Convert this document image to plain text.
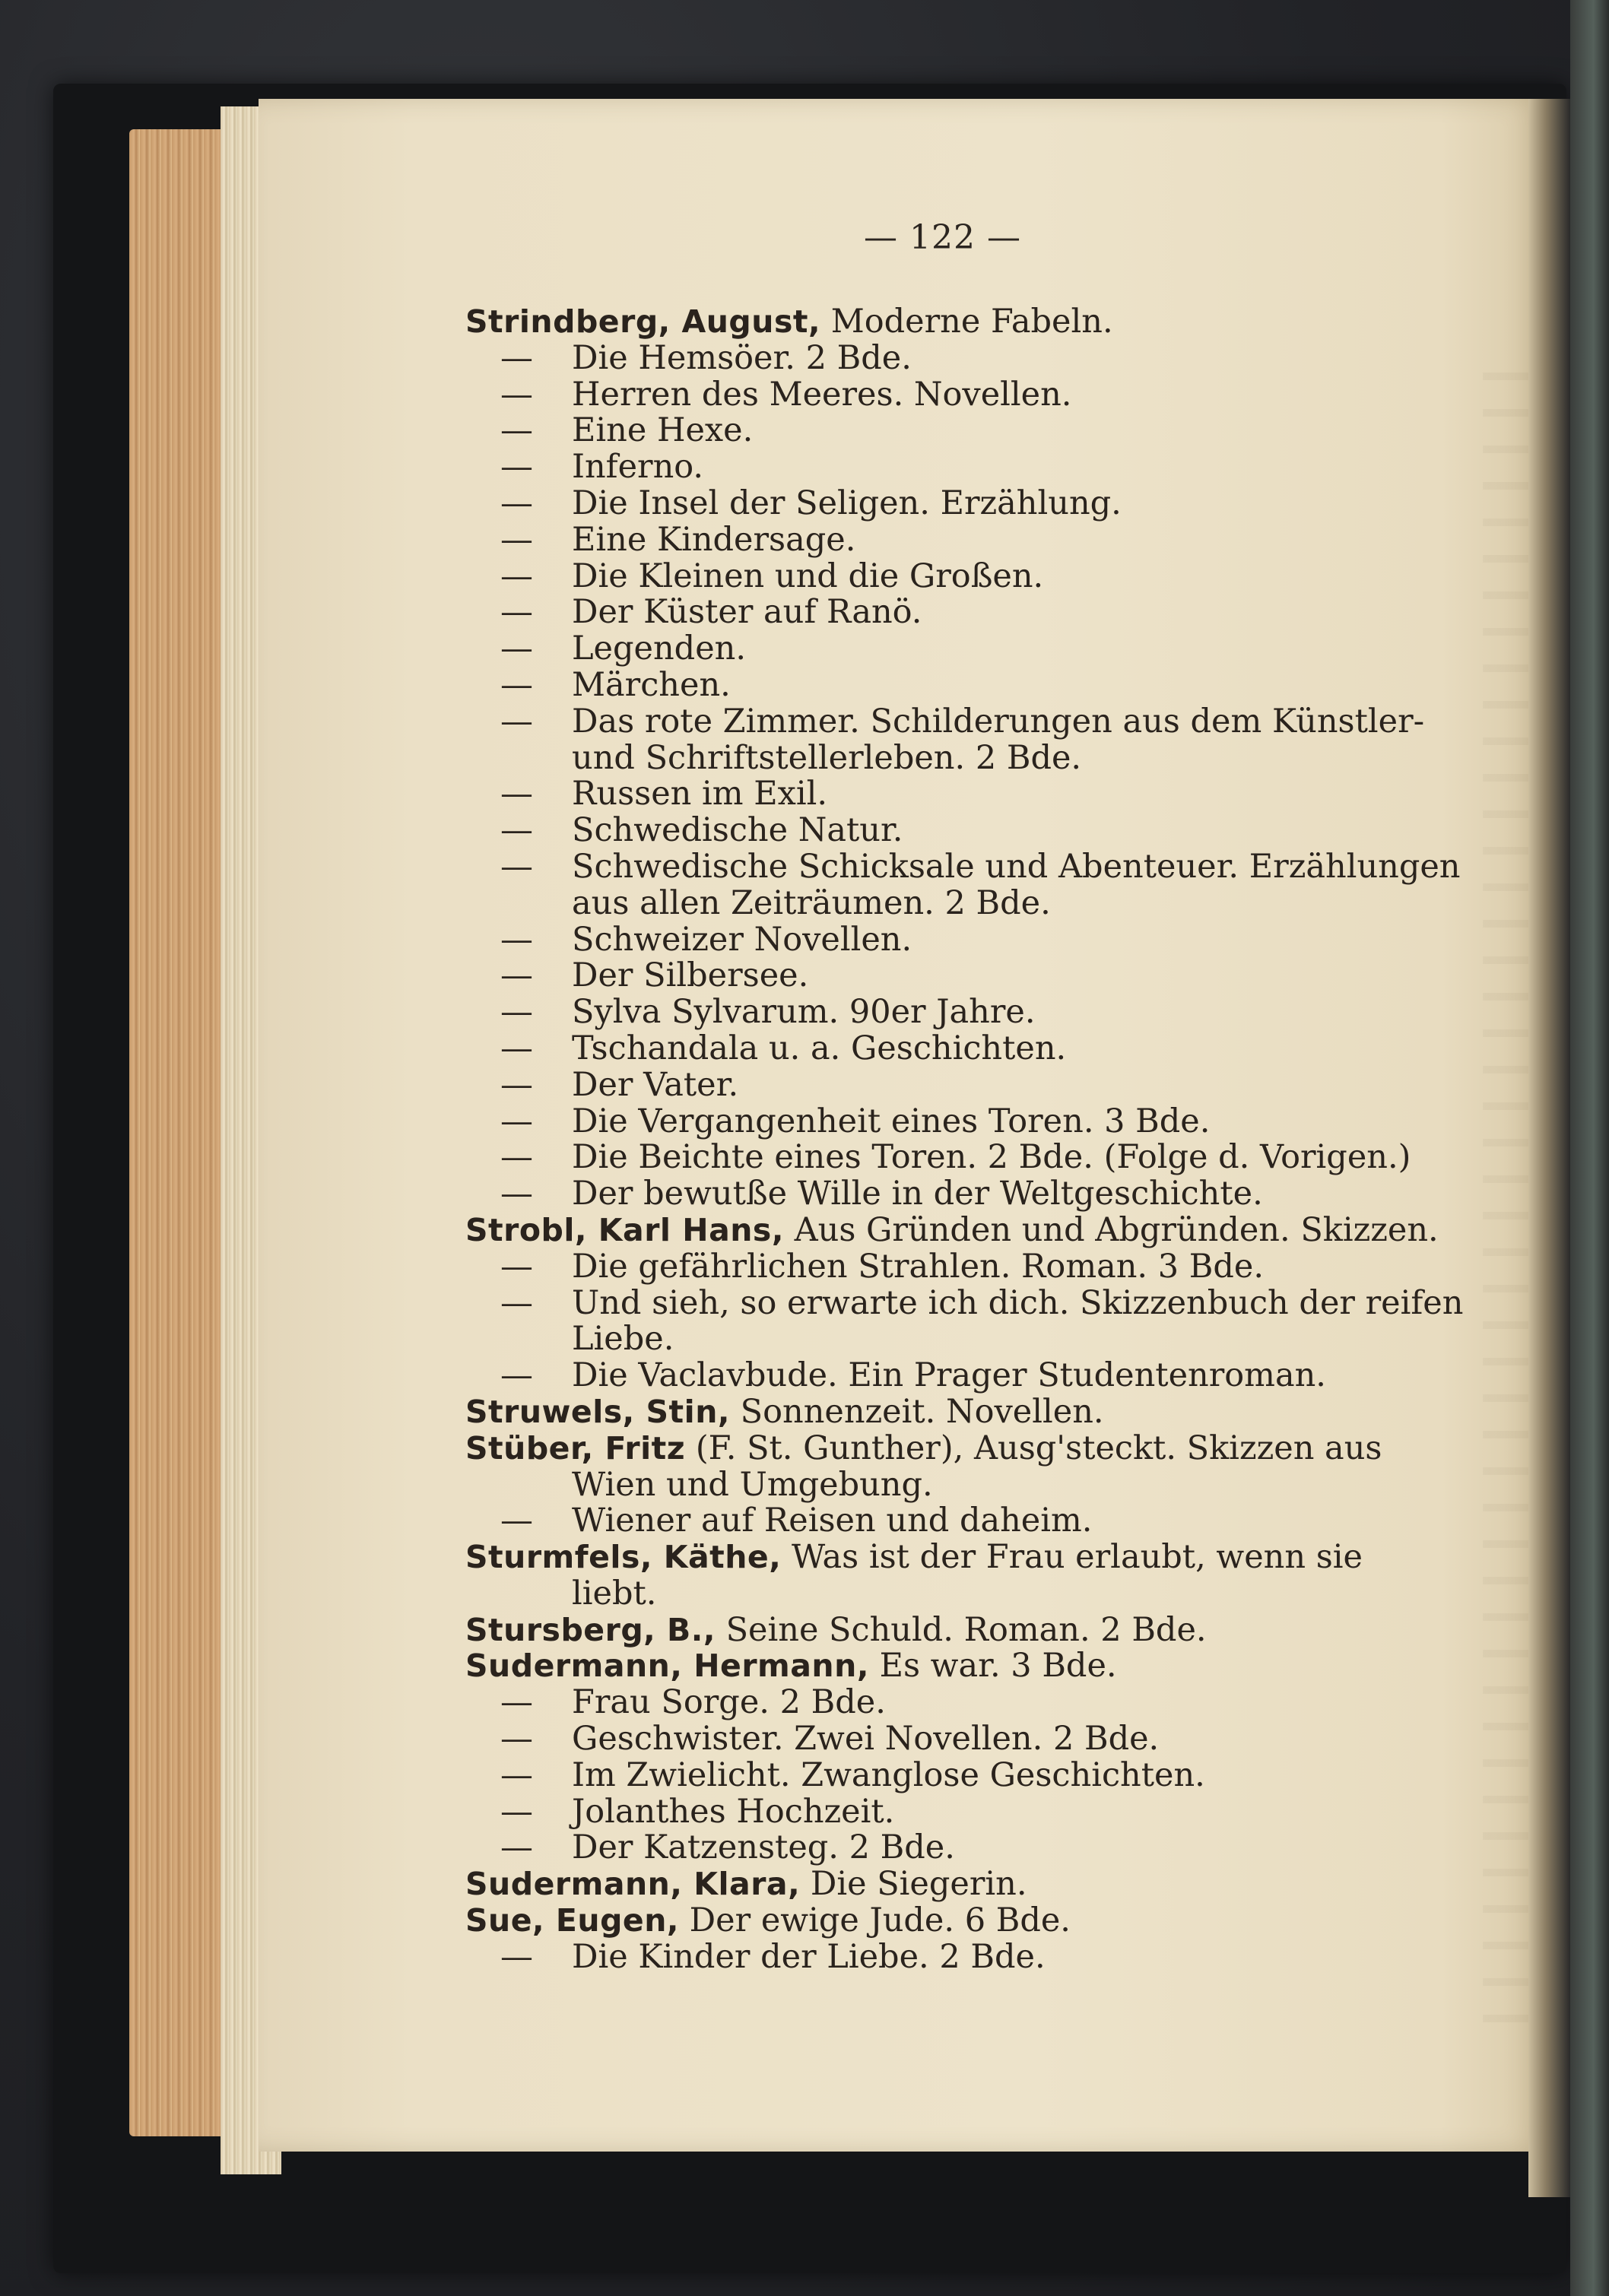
— 122 —
Strindberg, August, Moderne Fabeln.
—	Die Hemsöer. 2 Bde.
—	Herren des Meeres. Novellen.
—	Eine Hexe.
—	Inferno.
—	Die Insel der Seligen. Erzählung.
—	Eine Kindersage.
—	Die Kleinen und die Großen.
—	Der Küster auf Ranö.
—	Legenden.
—	Märchen.
—	Das rote Zimmer. Schilderungen aus dem Künstler-
und Schriftstellerleben. 2 Bde.
—	Russen im Exil.
—	Schwedische Natur.
—	Schwedische Schicksale und Abenteuer. Erzählungen
aus allen Zeiträumen. 2 Bde.
—	Schweizer Novellen.
—	Der Silbersee.
—	Sylva Sylvarum. 90er Jahre.
—	Tschandala u. a. Geschichten.
—	Der Vater.
—	Die Vergangenheit eines Toren. 3 Bde.
—	Die Beichte eines Toren. 2 Bde. (Folge d. Vorigen.)
—	Der bewutße Wille in der Weltgeschichte.
Strobl, Karl Hans, Aus Gründen und Abgründen. Skizzen.
—	Die gefährlichen Strahlen. Roman. 3 Bde.
—	Und sieh, so erwarte ich dich. Skizzenbuch der reifen
Liebe.
—	Die Vaclavbude. Ein Prager Studentenroman.
Struwels, Stin, Sonnenzeit. Novellen.
Stüber, Fritz (F. St. Gunther), Ausg'steckt. Skizzen aus
Wien und Umgebung.
—	Wiener auf Reisen und daheim.
Sturmfels, Käthe, Was ist der Frau erlaubt, wenn sie
liebt.
Stursberg, B., Seine Schuld. Roman. 2 Bde.
Sudermann, Hermann, Es war. 3 Bde.
—	Frau Sorge. 2 Bde.
—	Geschwister. Zwei Novellen. 2 Bde.
—	Im Zwielicht. Zwanglose Geschichten.
—	Jolanthes Hochzeit.
—	Der Katzensteg. 2 Bde.
Sudermann, Klara, Die Siegerin.
Sue, Eugen, Der ewige Jude. 6 Bde.
—	Die Kinder der Liebe. 2 Bde.
